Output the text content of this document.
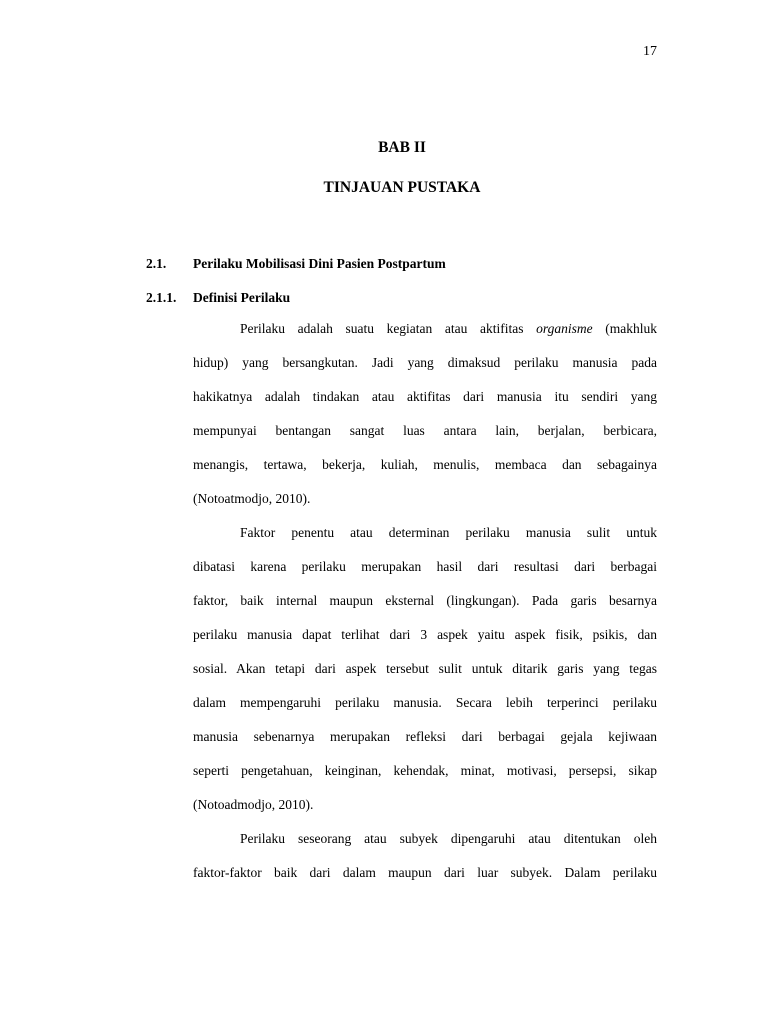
17
BAB II
TINJAUAN PUSTAKA
2.1. Perilaku Mobilisasi Dini Pasien Postpartum
2.1.1. Definisi Perilaku
Perilaku adalah suatu kegiatan atau aktifitas organisme (makhluk
hidup) yang bersangkutan. Jadi yang dimaksud perilaku manusia pada
hakikatnya adalah tindakan atau aktifitas dari manusia itu sendiri yang
mempunyai bentangan sangat luas antara lain, berjalan, berbicara,
menangis, tertawa, bekerja, kuliah, menulis, membaca dan sebagainya
(Notoatmodjo, 2010).
Faktor penentu atau determinan perilaku manusia sulit untuk
dibatasi karena perilaku merupakan hasil dari resultasi dari berbagai
faktor, baik internal maupun eksternal (lingkungan). Pada garis besarnya
perilaku manusia dapat terlihat dari 3 aspek yaitu aspek fisik, psikis, dan
sosial. Akan tetapi dari aspek tersebut sulit untuk ditarik garis yang tegas
dalam mempengaruhi perilaku manusia. Secara lebih terperinci perilaku
manusia sebenarnya merupakan refleksi dari berbagai gejala kejiwaan
seperti pengetahuan, keinginan, kehendak, minat, motivasi, persepsi, sikap
(Notoadmodjo, 2010).
Perilaku seseorang atau subyek dipengaruhi atau ditentukan oleh
faktor-faktor baik dari dalam maupun dari luar subyek. Dalam perilaku
